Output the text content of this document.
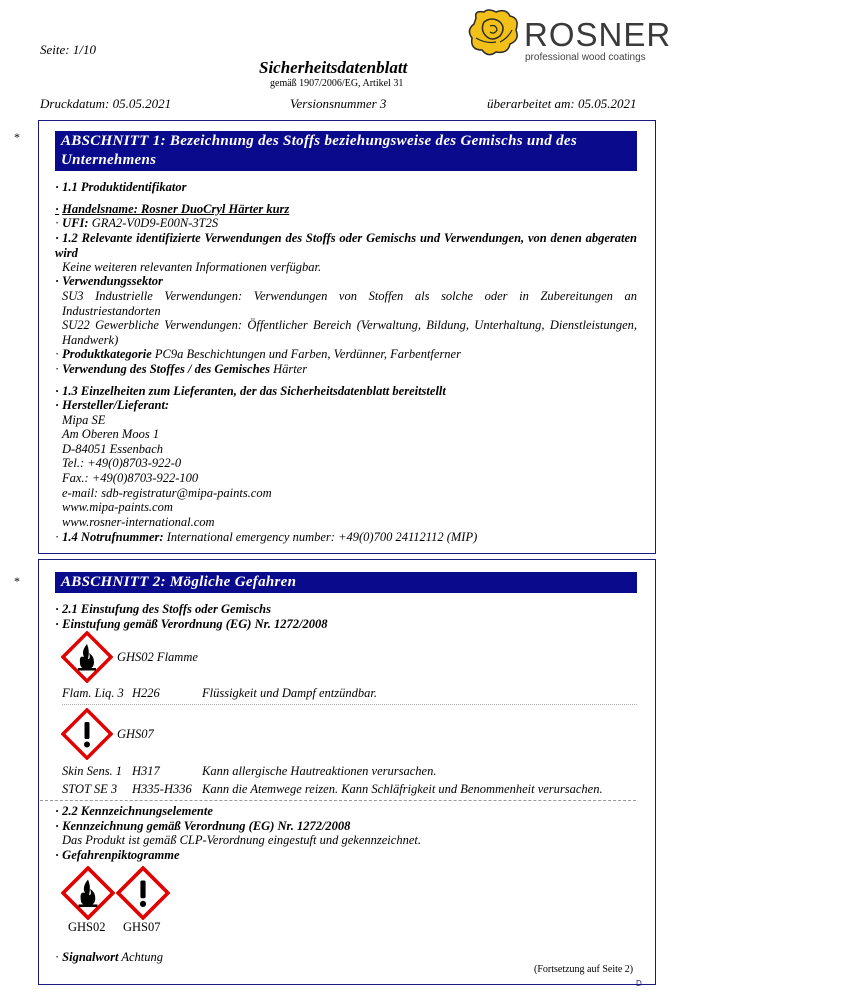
Seite: 1/10
Sicherheitsdatenblatt
gemäß 1907/2006/EG, Artikel 31
Druckdatum: 05.05.2021	Versionsnummer 3	überarbeitet am: 05.05.2021
ROSNER
professional wood coatings
*	ABSCHNITT 1: Bezeichnung des Stoffs beziehungsweise des Gemischs und des Unternehmens
· 1.1 Produktidentifikator
· Handelsname: Rosner DuoCryl Härter kurz
· UFI: GRA2-V0D9-E00N-3T2S
· 1.2 Relevante identifizierte Verwendungen des Stoffs oder Gemischs und Verwendungen, von denen abgeraten wird
Keine weiteren relevanten Informationen verfügbar.
· Verwendungssektor
SU3 Industrielle Verwendungen: Verwendungen von Stoffen als solche oder in Zubereitungen an Industriestandorten
SU22 Gewerbliche Verwendungen: Öffentlicher Bereich (Verwaltung, Bildung, Unterhaltung, Dienstleistungen, Handwerk)
· Produktkategorie PC9a Beschichtungen und Farben, Verdünner, Farbentferner
· Verwendung des Stoffes / des Gemisches Härter
· 1.3 Einzelheiten zum Lieferanten, der das Sicherheitsdatenblatt bereitstellt
· Hersteller/Lieferant:
Mipa SE
Am Oberen Moos 1
D-84051 Essenbach
Tel.: +49(0)8703-922-0
Fax.: +49(0)8703-922-100
e-mail: sdb-registratur@mipa-paints.com
www.mipa-paints.com
www.rosner-international.com
· 1.4 Notrufnummer: International emergency number: +49(0)700 24112112 (MIP)
*	ABSCHNITT 2: Mögliche Gefahren
· 2.1 Einstufung des Stoffs oder Gemischs
· Einstufung gemäß Verordnung (EG) Nr. 1272/2008
GHS02 Flamme
Flam. Liq. 3 H226	Flüssigkeit und Dampf entzündbar.
GHS07
Skin Sens. 1 H317	Kann allergische Hautreaktionen verursachen.
STOT SE 3 H335-H336 Kann die Atemwege reizen. Kann Schläfrigkeit und Benommenheit verursachen.
· 2.2 Kennzeichnungselemente
· Kennzeichnung gemäß Verordnung (EG) Nr. 1272/2008
Das Produkt ist gemäß CLP-Verordnung eingestuft und gekennzeichnet.
· Gefahrenpiktogramme
GHS02 GHS07
· Signalwort Achtung
(Fortsetzung auf Seite 2)
D
